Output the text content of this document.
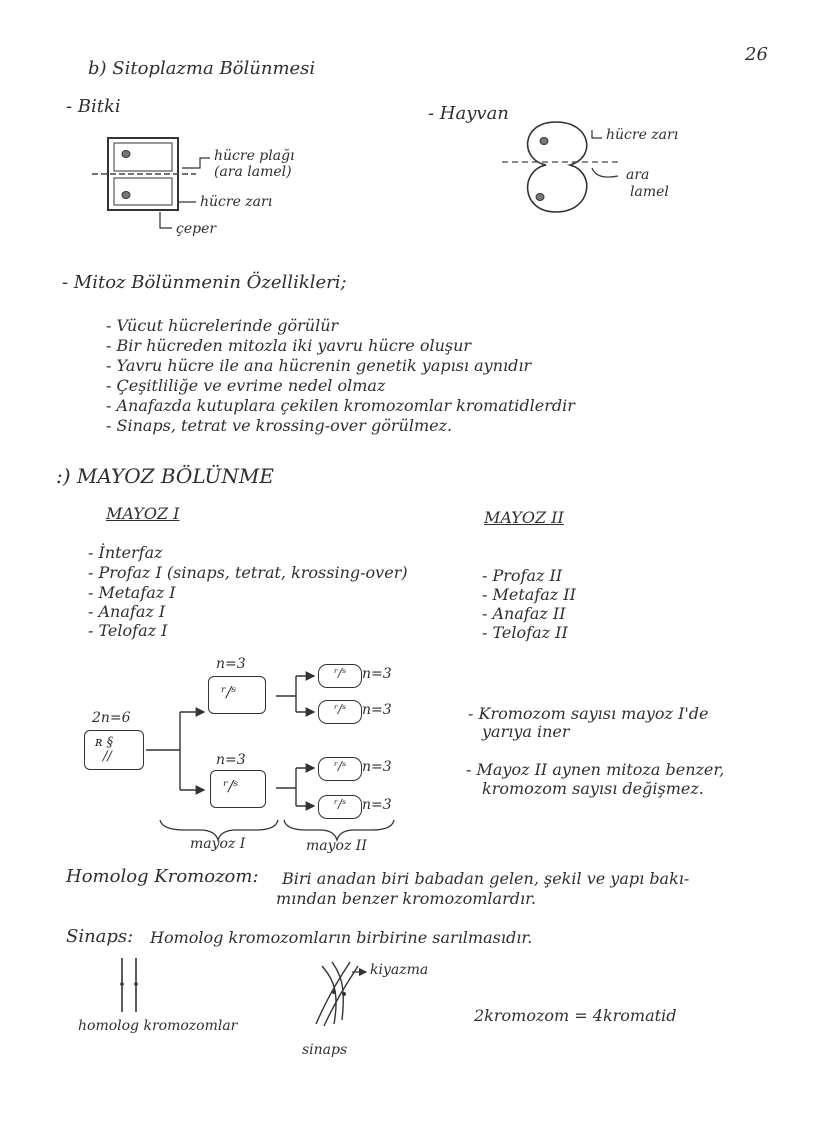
26
b) Sitoplazma Bölünmesi
- Bitki	- Hayvan
hücre plağı
(ara lamel)
hücre zarı
çeper
hücre zarı
ara
lamel
- Mitoz Bölünmenin Özellikleri;
- Vücut hücrelerinde görülür
- Bir hücreden mitozla iki yavru hücre oluşur
- Yavru hücre ile ana hücrenin genetik yapısı aynıdır
- Çeşitliliğe ve evrime nedel olmaz
- Anafazda kutuplara çekilen kromozomlar kromatidlerdir
- Sinaps, tetrat ve krossing-over görülmez.
:) MAYOZ BÖLÜNME
MAYOZ I	MAYOZ II
- İnterfaz
- Profaz I (sinaps, tetrat, krossing-over)
- Metafaz I
- Anafaz I
- Telofaz I
- Profaz II
- Metafaz II
- Anafaz II
- Telofaz II
2n=6
ʀ §
//
n=3
ʳ/ˢ
n=3
ʳ/ˢ
ʳ/ˢ	n=3
ʳ/ˢ	n=3
ʳ/ˢ	n=3
ʳ/ˢ	n=3
mayoz I	mayoz II
- Kromozom sayısı mayoz I'de
yarıya iner
- Mayoz II aynen mitoza benzer,
kromozom sayısı değişmez.
Homolog Kromozom: Biri anadan biri babadan gelen, şekil ve yapı bakı-
mından benzer kromozomlardır.
Sinaps: Homolog kromozomların birbirine sarılmasıdır.
homolog kromozomlar
kiyazma
sinaps
2kromozom = 4kromatid
